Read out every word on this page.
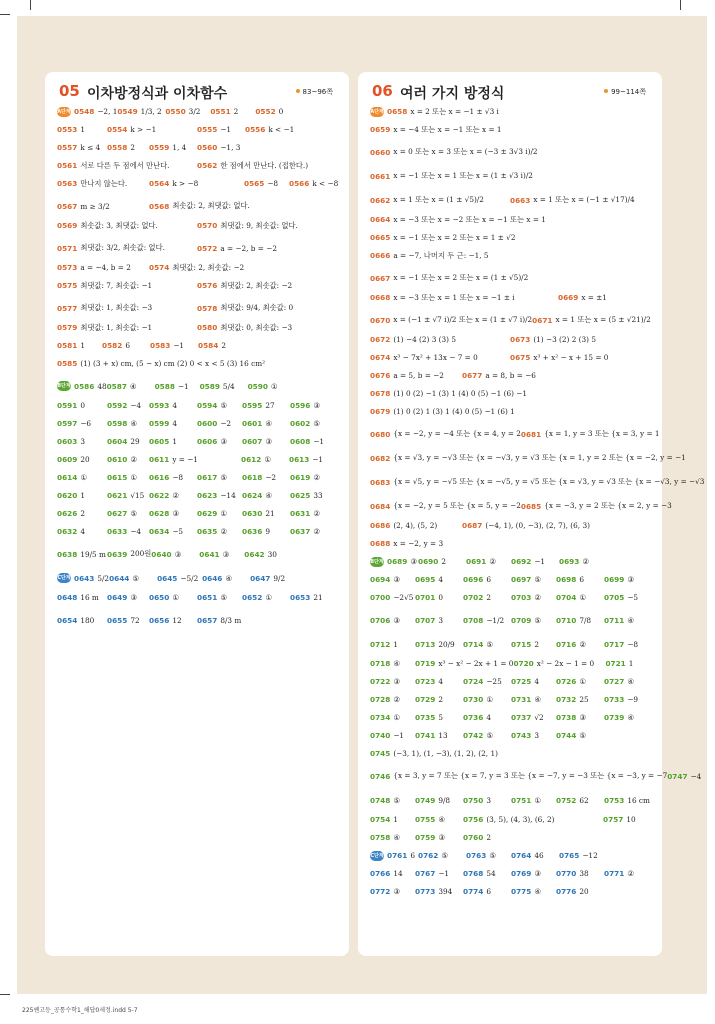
05 이차방정식과 이차함수	83~96쪽
A단계 0548 −2, 1 0549 1/3, 2 0550 3/2 0551 2 0552 0
0553 1	0554 k > −1	0555 −1 0556 k < −1
0557 k ≤ 4 0558 2 0559 1, 4 0560 −1, 3
0561 서로 다른 두 점에서 만난다.	0562 한 점에서 만난다. (접한다.)
0563 만나지 않는다.	0564 k > −8	0565 −8 0566 k < −8
0567 m ≥ 3/2	0568 최솟값: 2, 최댓값: 없다.
0569 최솟값: 3, 최댓값: 없다.	0570 최댓값: 9, 최솟값: 없다.
0571 최댓값: 3/2, 최솟값: 없다.	0572 a = −2, b = −2
0573 a = −4, b = 2 0574 최댓값: 2, 최솟값: −2
0575 최댓값: 7, 최솟값: −1	0576 최댓값: 2, 최솟값: −2
0577 최댓값: 1, 최솟값: −3	0578 최댓값: 9/4, 최솟값: 0
0579 최댓값: 1, 최솟값: −1	0580 최댓값: 0, 최솟값: −3
0581 1 0582 6	0583 −1 0584 2
0585 (1) (3 + x) cm, (5 − x) cm (2) 0 < x < 5 (3) 16 cm²
B단계 0586 48 0587 ④ 0588 −1 0589 5/4 0590 ①
0591 0	0592 −4 0593 4	0594 ⑤ 0595 27 0596 ③
0597 −6 0598 ④ 0599 4	0600 −2 0601 ④ 0602 ⑤
0603 3	0604 29 0605 1	0606 ③ 0607 ③ 0608 −1
0609 20 0610 ② 0611 y = −1	0612 ① 0613 −1
0614 ①	0615 ① 0616 −8 0617 ⑤ 0618 −2 0619 ②
0620 1	0621 √15 0622 ② 0623 −14 0624 ④ 0625 33
0626 2	0627 ⑤ 0628 ③ 0629 ① 0630 21 0631 ②
0632 4	0633 −4 0634 −5 0635 ② 0636 9	0637 ②
0638 19/5 m 0639 200원 0640 ③ 0641 ③ 0642 30
C단계 0643 5/2 0644 ⑤ 0645 −5/2 0646 ④ 0647 9/2
0648 16 m 0649 ③ 0650 ① 0651 ⑤ 0652 ① 0653 21
0654 180 0655 72 0656 12 0657 8/3 m
06 여러 가지 방정식	99~114쪽
A단계 0658 x = 2 또는 x = −1 ± √3 i
0659 x = −4 또는 x = −1 또는 x = 1
0660 x = 0 또는 x = 3 또는 x = (−3 ± 3√3 i)/2
0661 x = −1 또는 x = 1 또는 x = (1 ± √3 i)/2
0662 x = 1 또는 x = (1 ± √5)/2	0663 x = 1 또는 x = (−1 ± √17)/4
0664 x = −3 또는 x = −2 또는 x = −1 또는 x = 1
0665 x = −1 또는 x = 2 또는 x = 1 ± √2
0666 a = −7, 나머지 두 근: −1, 5
0667 x = −1 또는 x = 2 또는 x = (1 ± √5)/2
0668 x = −3 또는 x = 1 또는 x = −1 ± i	0669 x = ±1
0670 x = (−1 ± √7 i)/2 또는 x = (1 ± √7 i)/2 0671 x = 1 또는 x = (5 ± √21)/2
0672 (1) −4 (2) 3 (3) 5	0673 (1) −3 (2) 2 (3) 5
0674 x³ − 7x² + 13x − 7 = 0	0675 x³ + x² − x + 15 = 0
0676 a = 5, b = −2 0677 a = 8, b = −6
0678 (1) 0 (2) −1 (3) 1 (4) 0 (5) −1 (6) −1
0679 (1) 0 (2) 1 (3) 1 (4) 0 (5) −1 (6) 1
0680 {x = −2, y = −4 또는 {x = 4, y = 2 0681 {x = 1, y = 3 또는 {x = 3, y = 1
0682 {x = √3, y = −√3 또는 {x = −√3, y = √3 또는 {x = 1, y = 2 또는 {x = −2, y = −1
0683 {x = √5, y = −√5 또는 {x = −√5, y = √5 또는 {x = √3, y = √3 또는 {x = −√3, y = −√3
0684 {x = −2, y = 5 또는 {x = 5, y = −2 0685 {x = −3, y = 2 또는 {x = 2, y = −3
0686 (2, 4), (5, 2)	0687 (−4, 1), (0, −3), (2, 7), (6, 3)
0688 x = −2, y = 3
B단계 0689 ③ 0690 2	0691 ② 0692 −1 0693 ②
0694 ③ 0695 4	0696 6	0697 ⑤ 0698 6	0699 ③
0700 −2√5 0701 0	0702 2	0703 ② 0704 ① 0705 −5
0706 ③ 0707 3	0708 −1/2 0709 ⑤ 0710 7/8 0711 ④
0712 1 0713 20/9 0714 ⑤ 0715 2 0716 ② 0717 −8
0718 ④ 0719 x³ − x² − 2x + 1 = 0 0720 x² − 2x − 1 = 0 0721 1
0722 ③ 0723 4	0724 −25 0725 4 0726 ① 0727 ④
0728 ② 0729 2	0730 ① 0731 ④ 0732 25 0733 −9
0734 ① 0735 5	0736 4	0737 √2 0738 ③ 0739 ④
0740 −1 0741 13 0742 ⑤ 0743 3 0744 ⑤
0745 (−3, 1), (1, −3), (1, 2), (2, 1)
0746 {x = 3, y = 7 또는 {x = 7, y = 3 또는 {x = −7, y = −3 또는 {x = −3, y = −7 0747 −4
0748 ⑤ 0749 9/8 0750 3	0751 ① 0752 62 0753 16 cm
0754 1 0755 ④ 0756 (3, 5), (4, 3), (6, 2)	0757 10
0758 ④ 0759 ③ 0760 2
C단계 0761 6 0762 ⑤ 0763 ⑤ 0764 46 0765 −12
0766 14 0767 −1 0768 54 0769 ③ 0770 38 0771 ②
0772 ③ 0773 394 0774 6	0775 ④ 0776 20
225쎈고등_공통수학1_해답0세정.indd 5-7
